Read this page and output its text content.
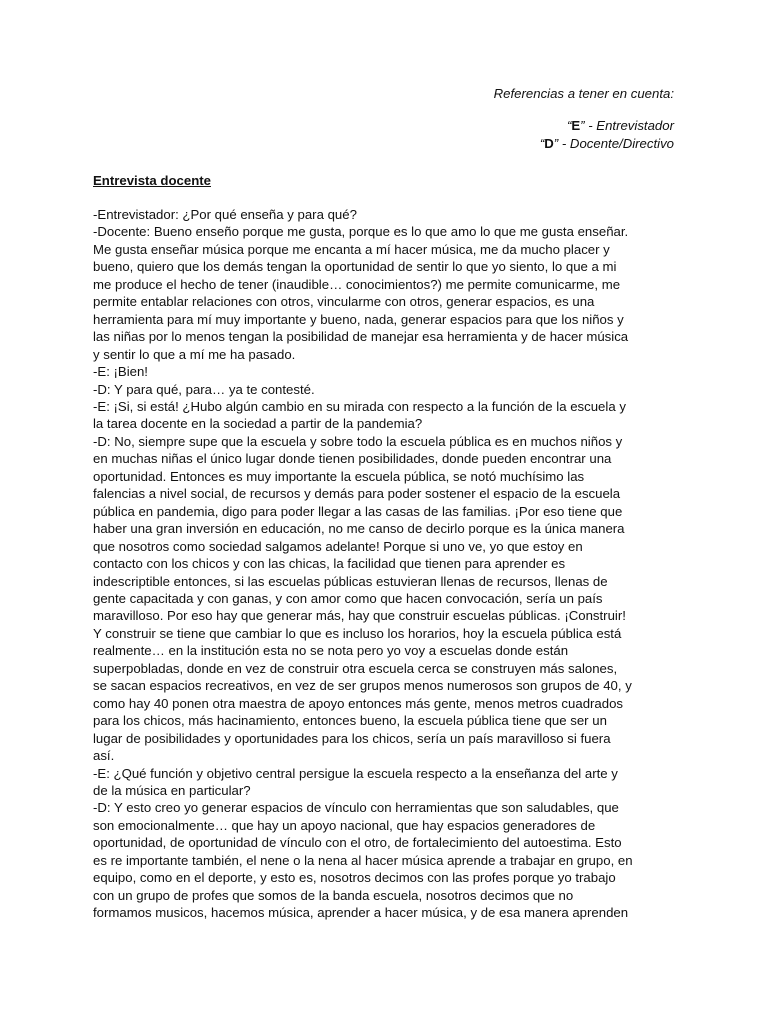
Referencias a tener en cuenta:
“E” - Entrevistador
“D” - Docente/Directivo
Entrevista docente
-Entrevistador: ¿Por qué enseña y para qué?
-Docente: Bueno enseño porque me gusta, porque es lo que amo lo que me gusta enseñar.
Me gusta enseñar música porque me encanta a mí hacer música, me da mucho placer y
bueno, quiero que los demás tengan la oportunidad de sentir lo que yo siento, lo que a mi
me produce el hecho de tener (inaudible… conocimientos?) me permite comunicarme, me
permite entablar relaciones con otros, vincularme con otros, generar espacios, es una
herramienta para mí muy importante y bueno, nada, generar espacios para que los niños y
las niñas por lo menos tengan la posibilidad de manejar esa herramienta y de hacer música
y sentir lo que a mí me ha pasado.
-E: ¡Bien!
-D: Y para qué, para… ya te contesté.
-E: ¡Si, si está! ¿Hubo algún cambio en su mirada con respecto a la función de la escuela y
la tarea docente en la sociedad a partir de la pandemia?
-D: No, siempre supe que la escuela y sobre todo la escuela pública es en muchos niños y
en muchas niñas el único lugar donde tienen posibilidades, donde pueden encontrar una
oportunidad. Entonces es muy importante la escuela pública, se notó muchísimo las
falencias a nivel social, de recursos y demás para poder sostener el espacio de la escuela
pública en pandemia, digo para poder llegar a las casas de las familias. ¡Por eso tiene que
haber una gran inversión en educación, no me canso de decirlo porque es la única manera
que nosotros como sociedad salgamos adelante! Porque si uno ve, yo que estoy en
contacto con los chicos y con las chicas, la facilidad que tienen para aprender es
indescriptible entonces, si las escuelas públicas estuvieran llenas de recursos, llenas de
gente capacitada y con ganas, y con amor como que hacen convocación, sería un país
maravilloso. Por eso hay que generar más, hay que construir escuelas públicas. ¡Construir!
Y construir se tiene que cambiar lo que es incluso los horarios, hoy la escuela pública está
realmente… en la institución esta no se nota pero yo voy a escuelas donde están
superpobladas, donde en vez de construir otra escuela cerca se construyen más salones,
se sacan espacios recreativos, en vez de ser grupos menos numerosos son grupos de 40, y
como hay 40 ponen otra maestra de apoyo entonces más gente, menos metros cuadrados
para los chicos, más hacinamiento, entonces bueno, la escuela pública tiene que ser un
lugar de posibilidades y oportunidades para los chicos, sería un país maravilloso si fuera
así.
-E: ¿Qué función y objetivo central persigue la escuela respecto a la enseñanza del arte y
de la música en particular?
-D: Y esto creo yo generar espacios de vínculo con herramientas que son saludables, que
son emocionalmente… que hay un apoyo nacional, que hay espacios generadores de
oportunidad, de oportunidad de vínculo con el otro, de fortalecimiento del autoestima. Esto
es re importante también, el nene o la nena al hacer música aprende a trabajar en grupo, en
equipo, como en el deporte, y esto es, nosotros decimos con las profes porque yo trabajo
con un grupo de profes que somos de la banda escuela, nosotros decimos que no
formamos musicos, hacemos música, aprender a hacer música, y de esa manera aprenden
